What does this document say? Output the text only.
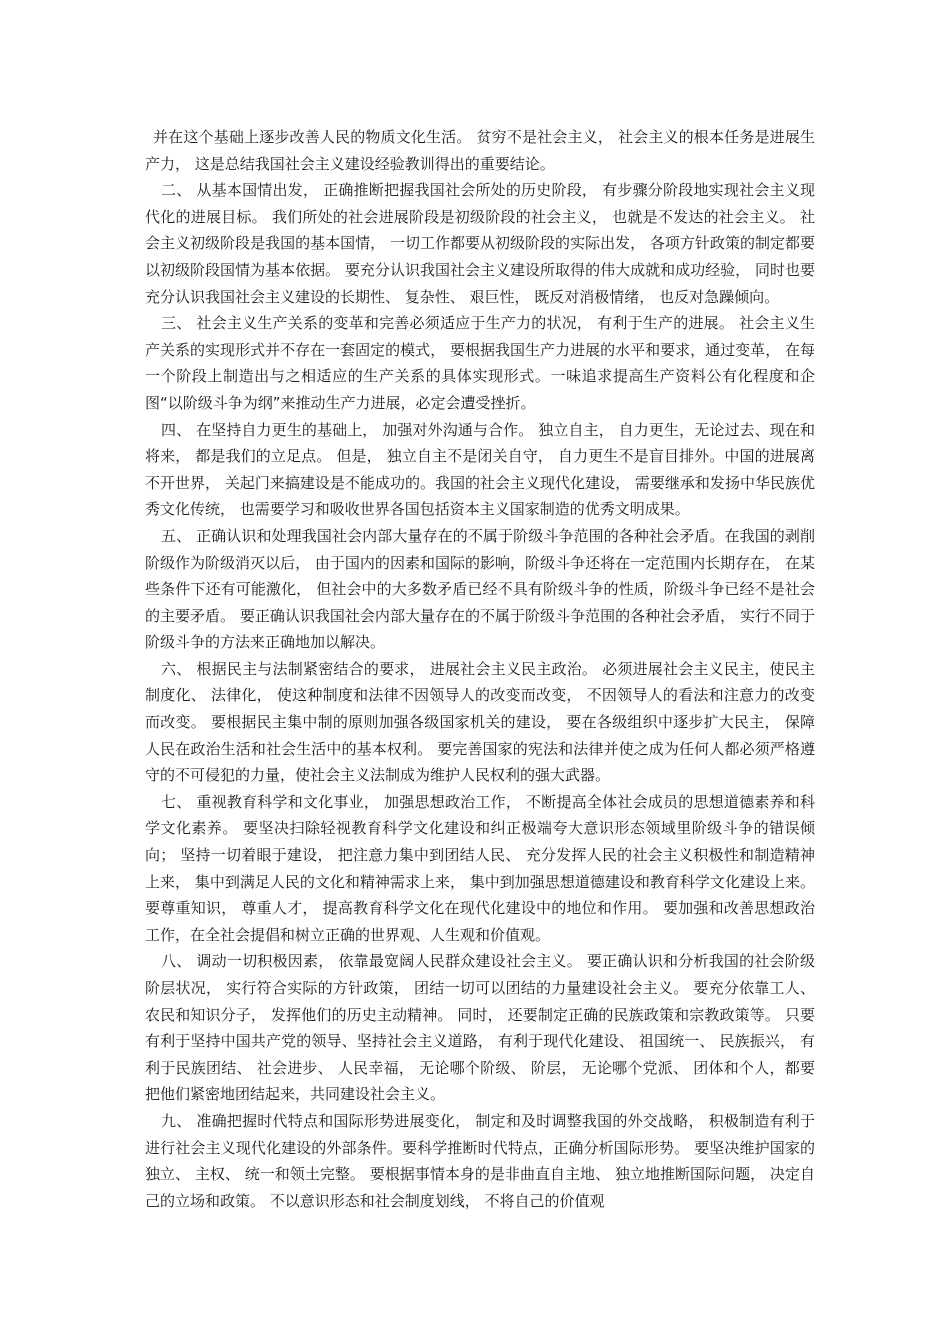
并在这个基础上逐步改善人民的物质文化生活。 贫穷不是社会主义， 社会主义的根本任务是进展生产力， 这是总结我国社会主义建设经验教训得出的重要结论。

二、 从基本国情出发， 正确推断把握我国社会所处的历史阶段， 有步骤分阶段地实现社会主义现代化的进展目标。 我们所处的社会进展阶段是初级阶段的社会主义， 也就是不发达的社会主义。 社会主义初级阶段是我国的基本国情， 一切工作都要从初级阶段的实际出发， 各项方针政策的制定都要以初级阶段国情为基本依据。 要充分认识我国社会主义建设所取得的伟大成就和成功经验， 同时也要充分认识我国社会主义建设的长期性、 复杂性、 艰巨性， 既反对消极情绪， 也反对急躁倾向。

三、 社会主义生产关系的变革和完善必须适应于生产力的状况， 有利于生产的进展。 社会主义生产关系的实现形式并不存在一套固定的模式， 要根据我国生产力进展的水平和要求，通过变革， 在每一个阶段上制造出与之相适应的生产关系的具体实现形式。一味追求提高生产资料公有化程度和企图“以阶级斗争为纲”来推动生产力进展，必定会遭受挫折。

四、 在坚持自力更生的基础上， 加强对外沟通与合作。 独立自主， 自力更生，无论过去、现在和将来， 都是我们的立足点。 但是， 独立自主不是闭关自守， 自力更生不是盲目排外。中国的进展离不开世界， 关起门来搞建设是不能成功的。我国的社会主义现代化建设， 需要继承和发扬中华民族优秀文化传统， 也需要学习和吸收世界各国包括资本主义国家制造的优秀文明成果。

五、 正确认识和处理我国社会内部大量存在的不属于阶级斗争范围的各种社会矛盾。在我国的剥削阶级作为阶级消灭以后， 由于国内的因素和国际的影响，阶级斗争还将在一定范围内长期存在， 在某些条件下还有可能激化， 但社会中的大多数矛盾已经不具有阶级斗争的性质，阶级斗争已经不是社会的主要矛盾。 要正确认识我国社会内部大量存在的不属于阶级斗争范围的各种社会矛盾， 实行不同于阶级斗争的方法来正确地加以解决。

六、 根据民主与法制紧密结合的要求， 进展社会主义民主政治。 必须进展社会主义民主，使民主制度化、 法律化， 使这种制度和法律不因领导人的改变而改变， 不因领导人的看法和注意力的改变而改变。 要根据民主集中制的原则加强各级国家机关的建设， 要在各级组织中逐步扩大民主， 保障人民在政治生活和社会生活中的基本权利。 要完善国家的宪法和法律并使之成为任何人都必须严格遵守的不可侵犯的力量，使社会主义法制成为维护人民权利的强大武器。

七、 重视教育科学和文化事业， 加强思想政治工作， 不断提高全体社会成员的思想道德素养和科学文化素养。 要坚决扫除轻视教育科学文化建设和纠正极端夸大意识形态领域里阶级斗争的错误倾向； 坚持一切着眼于建设， 把注意力集中到团结人民、 充分发挥人民的社会主义积极性和制造精神上来， 集中到满足人民的文化和精神需求上来， 集中到加强思想道德建设和教育科学文化建设上来。 要尊重知识， 尊重人才， 提高教育科学文化在现代化建设中的地位和作用。 要加强和改善思想政治工作，在全社会提倡和树立正确的世界观、人生观和价值观。

八、 调动一切积极因素， 依靠最宽阔人民群众建设社会主义。 要正确认识和分析我国的社会阶级阶层状况， 实行符合实际的方针政策， 团结一切可以团结的力量建设社会主义。 要充分依靠工人、 农民和知识分子， 发挥他们的历史主动精神。 同时， 还要制定正确的民族政策和宗教政策等。 只要有利于坚持中国共产党的领导、坚持社会主义道路， 有利于现代化建设、 祖国统一、 民族振兴， 有利于民族团结、 社会进步、 人民幸福， 无论哪个阶级、 阶层， 无论哪个党派、 团体和个人，都要把他们紧密地团结起来，共同建设社会主义。

九、 准确把握时代特点和国际形势进展变化， 制定和及时调整我国的外交战略， 积极制造有利于进行社会主义现代化建设的外部条件。要科学推断时代特点，正确分析国际形势。 要坚决维护国家的独立、 主权、 统一和领土完整。 要根据事情本身的是非曲直自主地、 独立地推断国际问题， 决定自己的立场和政策。 不以意识形态和社会制度划线， 不将自己的价值观
